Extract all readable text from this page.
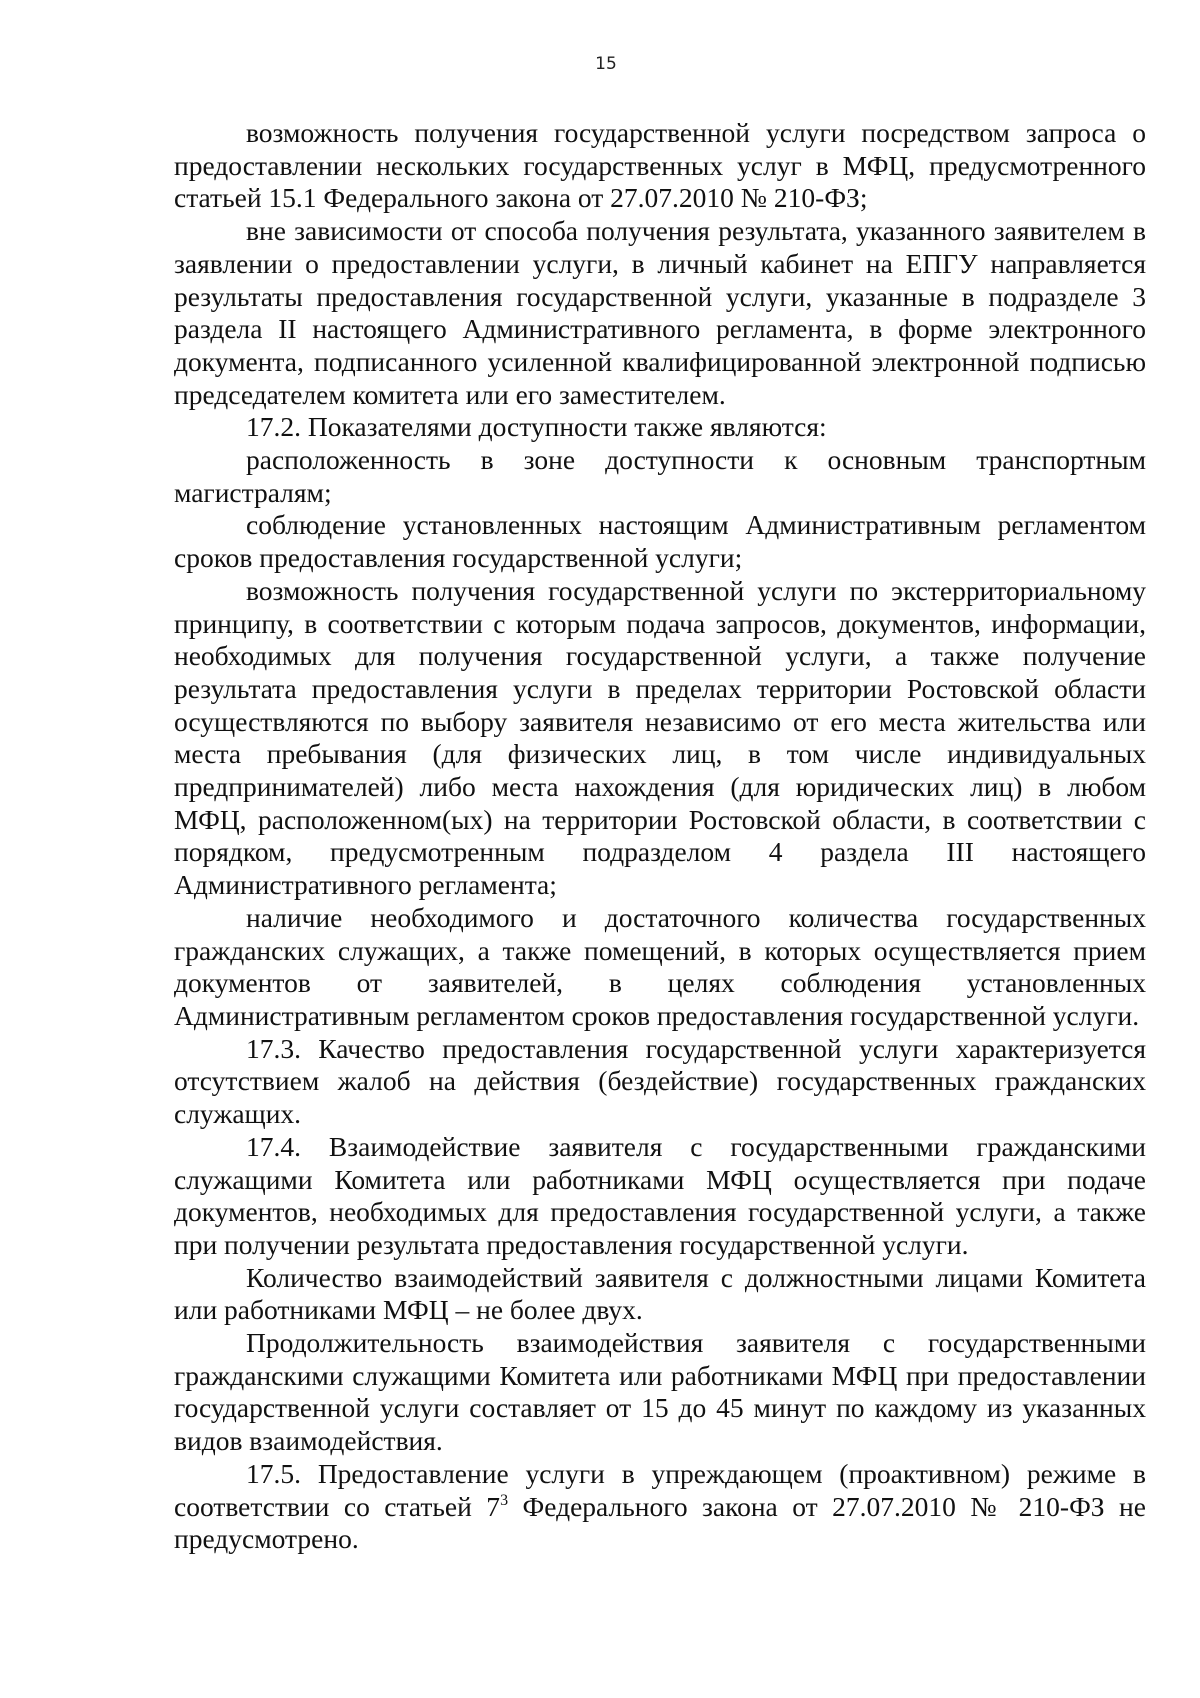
15

возможность получения государственной услуги посредством запроса о предоставлении нескольких государственных услуг в МФЦ, предусмотренного статьей 15.1 Федерального закона от 27.07.2010 № 210-ФЗ;

вне зависимости от способа получения результата, указанного заявителем в заявлении о предоставлении услуги, в личный кабинет на ЕПГУ направляется результаты предоставления государственной услуги, указанные в подразделе 3 раздела II настоящего Административного регламента, в форме электронного документа, подписанного усиленной квалифицированной электронной подписью председателем комитета или его заместителем.

17.2. Показателями доступности также являются:

расположенность в зоне доступности к основным транспортным магистралям;

соблюдение установленных настоящим Административным регламентом сроков предоставления государственной услуги;

возможность получения государственной услуги по экстерриториальному принципу, в соответствии с которым подача запросов, документов, информации, необходимых для получения государственной услуги, а также получение результата предоставления услуги в пределах территории Ростовской области осуществляются по выбору заявителя независимо от его места жительства или места пребывания (для физических лиц, в том числе индивидуальных предпринимателей) либо места нахождения (для юридических лиц) в любом МФЦ, расположенном(ых) на территории Ростовской области, в соответствии с порядком, предусмотренным подразделом 4 раздела III настоящего Административного регламента;

наличие необходимого и достаточного количества государственных гражданских служащих, а также помещений, в которых осуществляется прием документов от заявителей, в целях соблюдения установленных Административным регламентом сроков предоставления государственной услуги.

17.3. Качество предоставления государственной услуги характеризуется отсутствием жалоб на действия (бездействие) государственных гражданских служащих.

17.4. Взаимодействие заявителя с государственными гражданскими служащими Комитета или работниками МФЦ осуществляется при подаче документов, необходимых для предоставления государственной услуги, а также при получении результата предоставления государственной услуги.

Количество взаимодействий заявителя с должностными лицами Комитета или работниками МФЦ – не более двух.

Продолжительность взаимодействия заявителя с государственными гражданскими служащими Комитета или работниками МФЦ при предоставлении государственной услуги составляет от 15 до 45 минут по каждому из указанных видов взаимодействия.

17.5. Предоставление услуги в упреждающем (проактивном) режиме в соответствии со статьей $7^3$ Федерального закона от 27.07.2010 № 210-ФЗ не предусмотрено.
